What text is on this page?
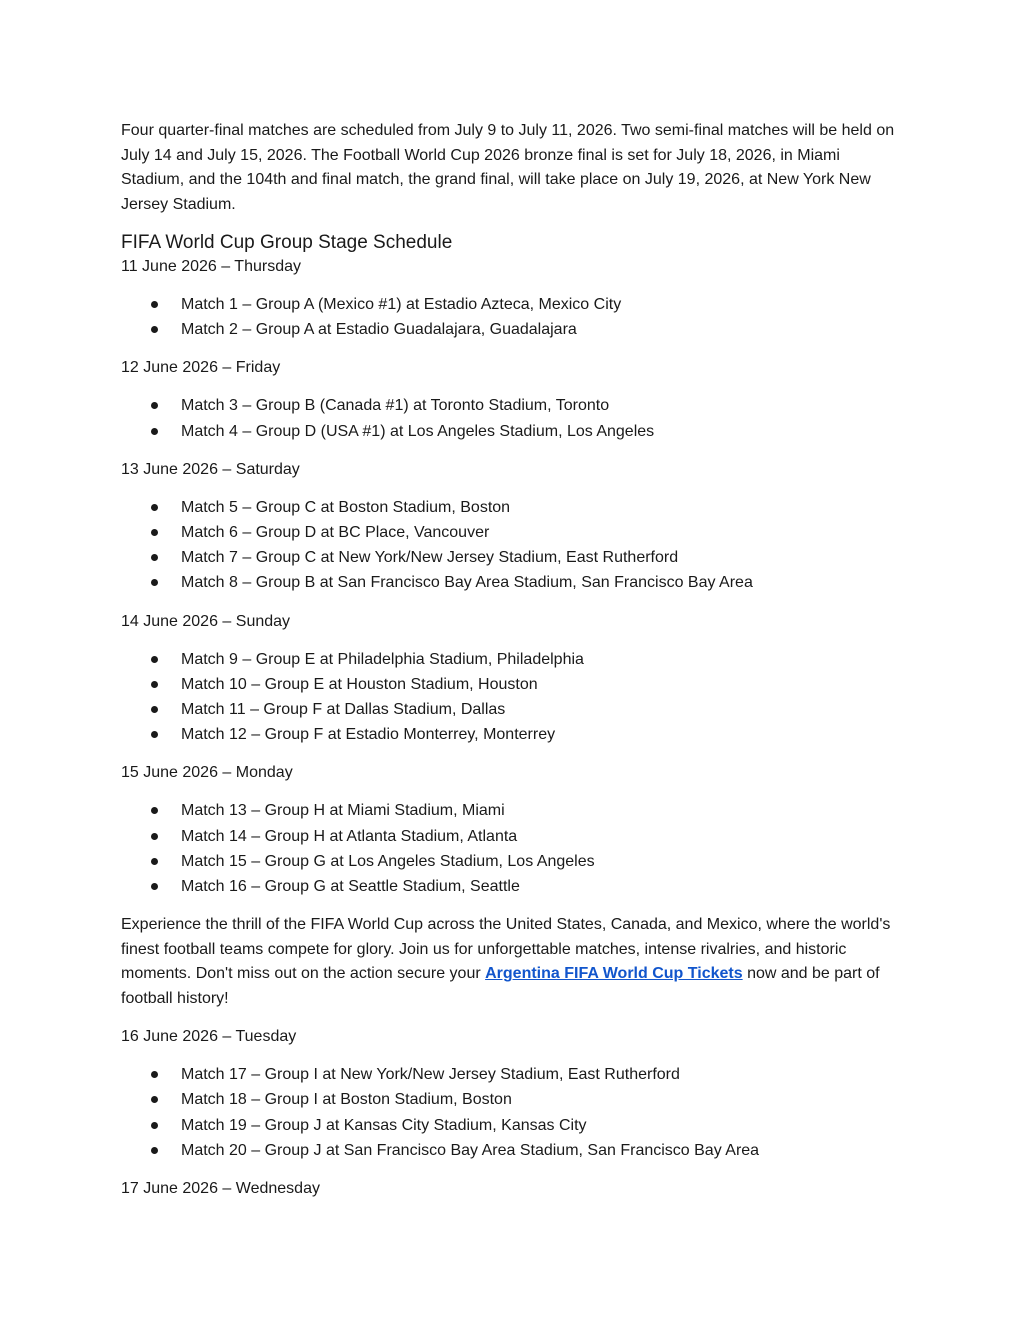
Four quarter-final matches are scheduled from July 9 to July 11, 2026. Two semi-final matches will be held on July 14 and July 15, 2026. The Football World Cup 2026 bronze final is set for July 18, 2026, in Miami Stadium, and the 104th and final match, the grand final, will take place on July 19, 2026, at New York New Jersey Stadium.

FIFA World Cup Group Stage Schedule

11 June 2026 – Thursday

Match 1 – Group A (Mexico #1) at Estadio Azteca, Mexico City
Match 2 – Group A at Estadio Guadalajara, Guadalajara

12 June 2026 – Friday

Match 3 – Group B (Canada #1) at Toronto Stadium, Toronto
Match 4 – Group D (USA #1) at Los Angeles Stadium, Los Angeles

13 June 2026 – Saturday

Match 5 – Group C at Boston Stadium, Boston
Match 6 – Group D at BC Place, Vancouver
Match 7 – Group C at New York/New Jersey Stadium, East Rutherford
Match 8 – Group B at San Francisco Bay Area Stadium, San Francisco Bay Area

14 June 2026 – Sunday

Match 9 – Group E at Philadelphia Stadium, Philadelphia
Match 10 – Group E at Houston Stadium, Houston
Match 11 – Group F at Dallas Stadium, Dallas
Match 12 – Group F at Estadio Monterrey, Monterrey

15 June 2026 – Monday

Match 13 – Group H at Miami Stadium, Miami
Match 14 – Group H at Atlanta Stadium, Atlanta
Match 15 – Group G at Los Angeles Stadium, Los Angeles
Match 16 – Group G at Seattle Stadium, Seattle

Experience the thrill of the FIFA World Cup across the United States, Canada, and Mexico, where the world's finest football teams compete for glory. Join us for unforgettable matches, intense rivalries, and historic moments. Don't miss out on the action secure your Argentina FIFA World Cup Tickets now and be part of football history!

16 June 2026 – Tuesday

Match 17 – Group I at New York/New Jersey Stadium, East Rutherford
Match 18 – Group I at Boston Stadium, Boston
Match 19 – Group J at Kansas City Stadium, Kansas City
Match 20 – Group J at San Francisco Bay Area Stadium, San Francisco Bay Area

17 June 2026 – Wednesday
